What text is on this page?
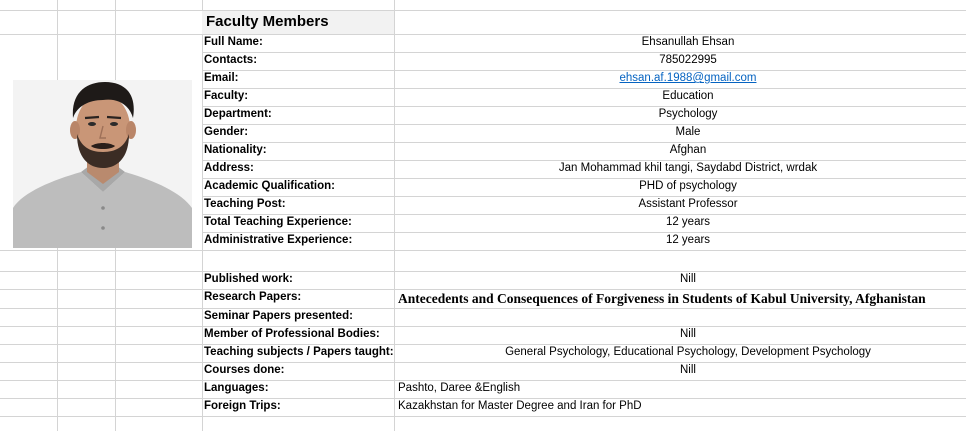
Faculty Members
Full Name:	Ehsanullah Ehsan
Contacts:	785022995
Email:	ehsan.af.1988@gmail.com
Faculty:	Education
Department:	Psychology
Gender:	Male
Nationality:	Afghan
Address:	Jan Mohammad khil tangi, Saydabd District, wrdak
Academic Qualification:	PHD of psychology
Teaching Post:	Assistant Professor
Total Teaching Experience:	12 years
Administrative Experience:	12 years
Published work:	Nill
Research Papers:	Antecedents and Consequences of Forgiveness in Students of Kabul University, Afghanistan
Seminar Papers presented:
Member of Professional Bodies:	Nill
Teaching subjects / Papers taught:	General Psychology, Educational Psychology, Development Psychology
Courses done:	Nill
Languages:	Pashto, Daree &English
Foreign Trips:	Kazakhstan for Master Degree and Iran for PhD
